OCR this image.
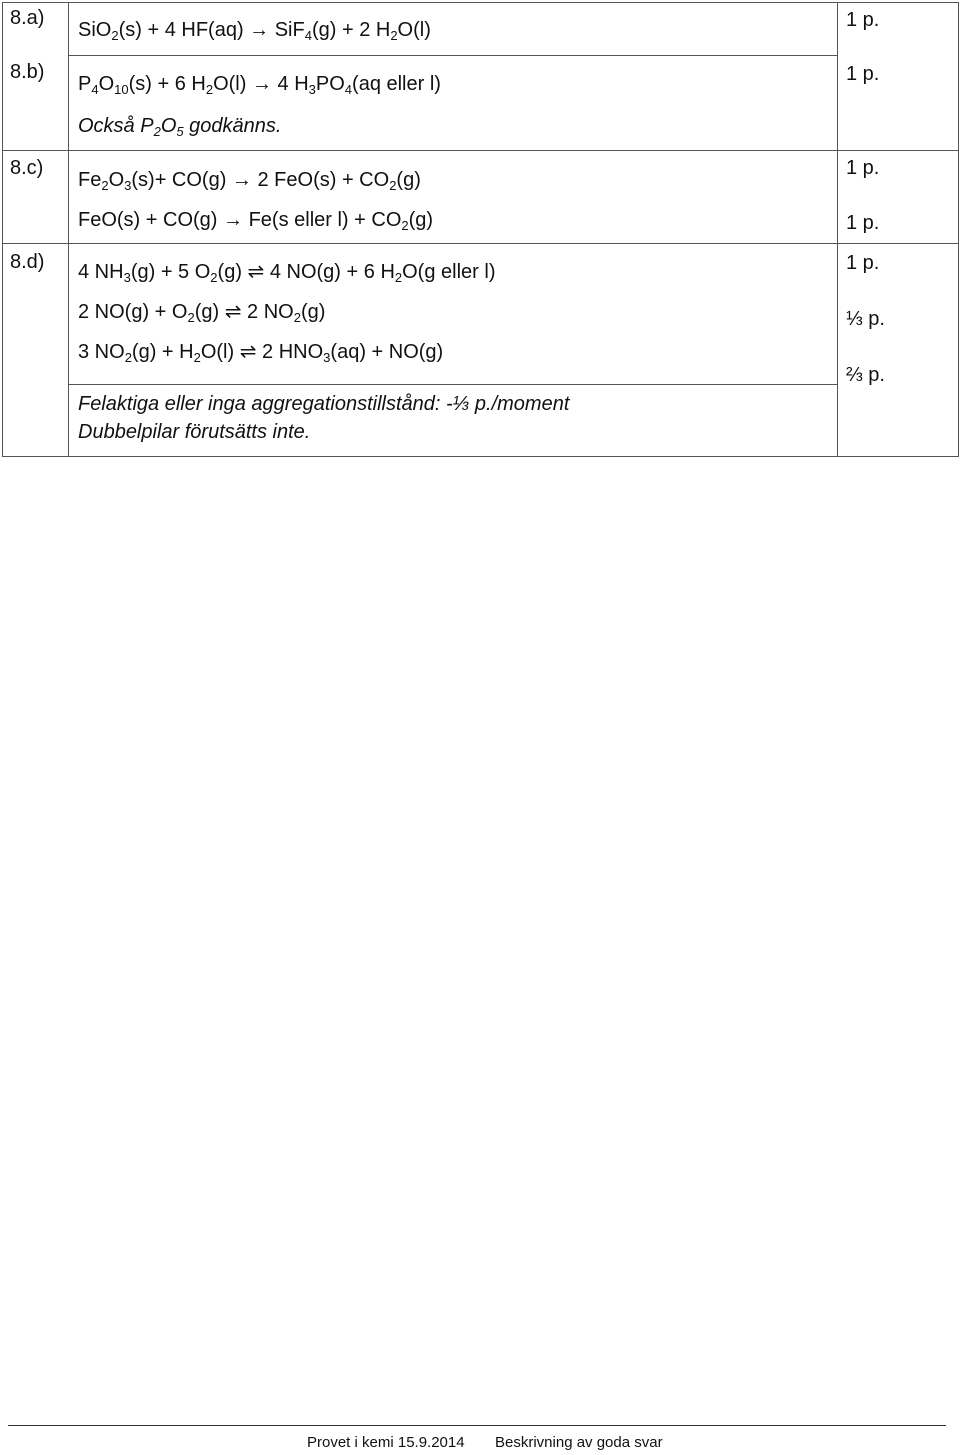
8.a)
SiO$_2$(s) + 4 HF(aq) → SiF$_4$(g) + 2 $H_2O(l)$	1 p.
8.b)
$P_4O_{10}(s) + 6$ $H_2O(l) \to 4$ $H_3PO_4(aq$ eller l)
Också $P_2O_5$ godkänns.
1 p.
8.c)
$Fe_2O_3(s)+ CO(g) \to 2$ $FeO(s) + CO_2(g)$
FeO(s) + CO(g) → Fe(s eller $l) + CO_2(g)$
1 p.
1 p.
8.d) 4 $NH_3(g) + 5$ $O_2(g)$ ⇌ 4 NO(g) + 6 $H_2O(g$ eller l)
2 $NO(g) + O_2(g)$ ⇌ 2 $NO_2(g)$
3 $NO_2(g) + H_2O(l)$ ⇌ 2 $HNO_3(aq) + NO(g)$
Felaktiga eller inga aggregationstillstånd: -⅓ p./moment
Dubbelpilar förutsätts inte.
1 p.
⅓ p.
⅔ p.
Provet i kemi 15.9.2014 Beskrivning av goda svar
